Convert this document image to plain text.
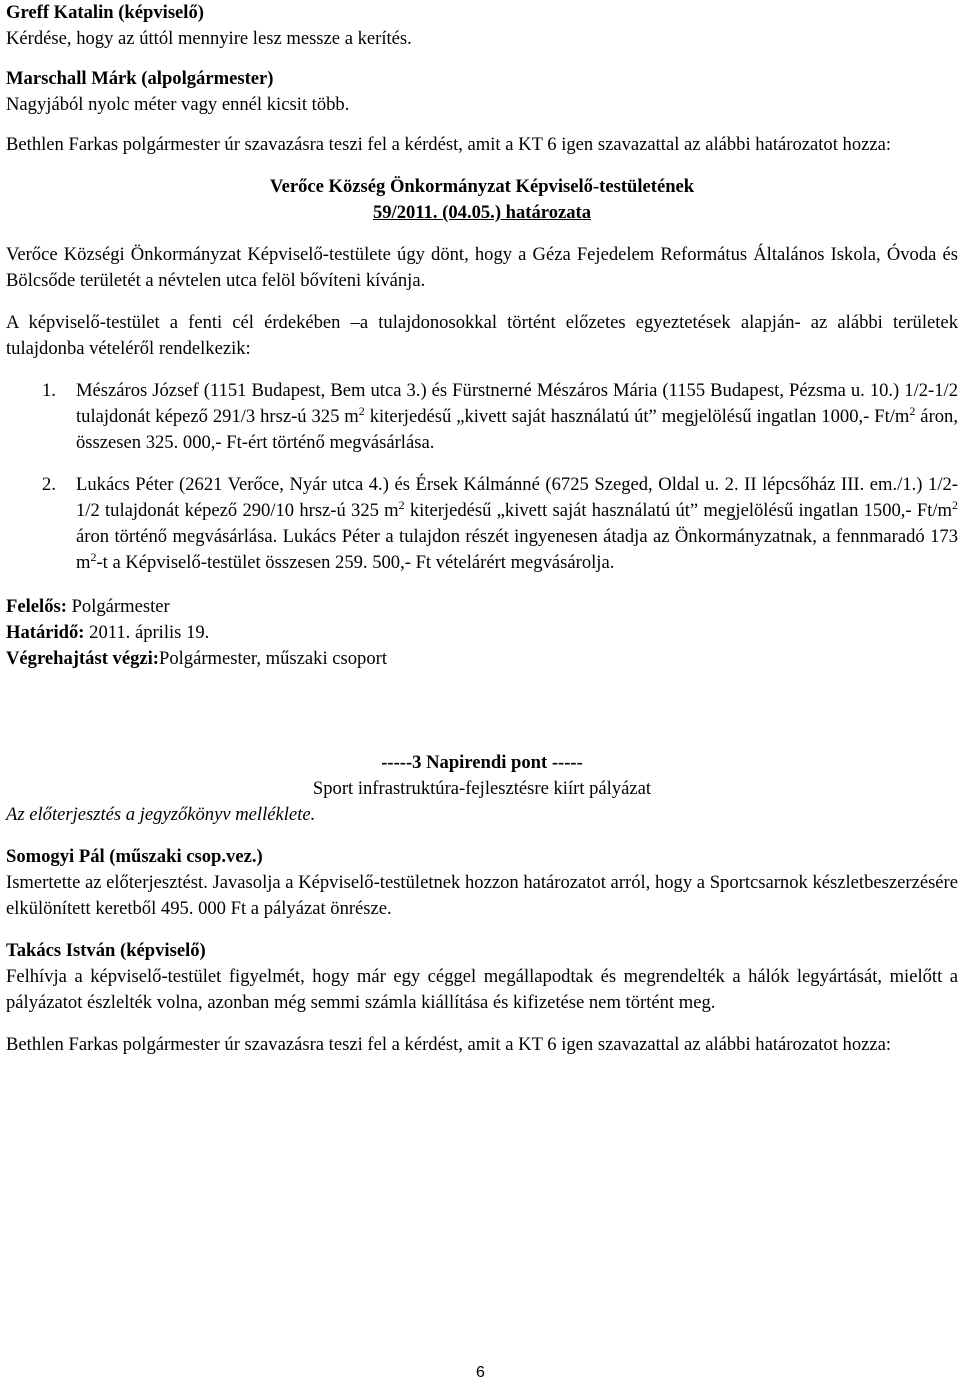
Greff Katalin (képviselő)

Kérdése, hogy az úttól mennyire lesz messze a kerítés.

Marschall Márk (alpolgármester)

Nagyjából nyolc méter vagy ennél kicsit több.

Bethlen Farkas polgármester úr szavazásra teszi fel a kérdést, amit a KT 6 igen szavazattal az alábbi határozatot hozza:

Verőce Község Önkormányzat Képviselő-testületének

59/2011. (04.05.) határozata

Verőce Községi Önkormányzat Képviselő-testülete úgy dönt, hogy a Géza Fejedelem Református Általános Iskola, Óvoda és Bölcsőde területét a névtelen utca felöl bővíteni kívánja.

A képviselő-testület a fenti cél érdekében –a tulajdonosokkal történt előzetes egyeztetések alapján- az alábbi területek tulajdonba vételéről rendelkezik:

1. Mészáros József (1151 Budapest, Bem utca 3.) és Fürstnerné Mészáros Mária (1155 Budapest, Pézsma u. 10.) 1/2-1/2 tulajdonát képező 291/3 hrsz-ú 325 $m^2$ kiterjedésű „kivett saját használatú út” megjelölésű ingatlan 1000,- $Ft/m^2$ áron, összesen 325. 000,- Ft-ért történő megvásárlása.
2. Lukács Péter (2621 Verőce, Nyár utca 4.) és Érsek Kálmánné (6725 Szeged, Oldal u. 2. II lépcsőház III. em./1.) 1/2-1/2 tulajdonát képező 290/10 hrsz-ú 325 $m^2$ kiterjedésű „kivett saját használatú út” megjelölésű ingatlan 1500,- $Ft/m^2$ áron történő megvásárlása. Lukács Péter a tulajdon részét ingyenesen átadja az Önkormányzatnak, a fennmaradó 173 $m^2-t$ a Képviselő-testület összesen 259. 500,- Ft vételárért megvásárolja.

Felelős: Polgármester

Határidő: 2011. április 19.

Végrehajtást végzi:Polgármester, műszaki csoport

-----3 Napirendi pont -----

Sport infrastruktúra-fejlesztésre kiírt pályázat

Az előterjesztés a jegyzőkönyv melléklete.

Somogyi Pál (műszaki csop.vez.)

Ismertette az előterjesztést. Javasolja a Képviselő-testületnek hozzon határozatot arról, hogy a Sportcsarnok készletbeszerzésére elkülönített keretből 495. 000 Ft a pályázat önrésze.

Takács István (képviselő)

Felhívja a képviselő-testület figyelmét, hogy már egy céggel megállapodtak és megrendelték a hálók legyártását, mielőtt a pályázatot észlelték volna, azonban még semmi számla kiállítása és kifizetése nem történt meg.

Bethlen Farkas polgármester úr szavazásra teszi fel a kérdést, amit a KT 6 igen szavazattal az alábbi határozatot hozza:

6
